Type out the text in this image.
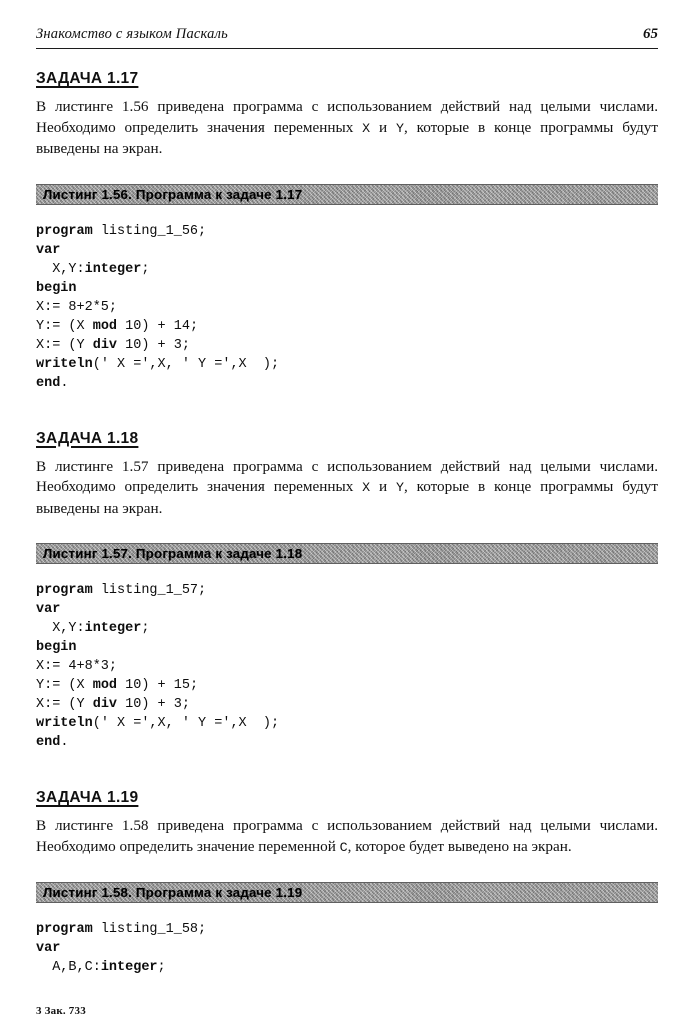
Знакомство с языком Паскаль	65
ЗАДАЧА 1.17

В листинге 1.56 приведена программа с использованием действий над целыми числами. Необходимо определить значения переменных X и Y, которые в конце программы будут выведены на экран.

Листинг 1.56. Программа к задаче 1.17
program listing_1_56;
var
X,Y:integer;
begin
X:= 8+2*5;
Y:= (X mod 10) + 14;
X:= (Y div 10) + 3;
writeln(' X =',X, ' Y =',X  );
end.
ЗАДАЧА 1.18

В листинге 1.57 приведена программа с использованием действий над целыми числами. Необходимо определить значения переменных X и Y, которые в конце программы будут выведены на экран.

Листинг 1.57. Программа к задаче 1.18
program listing_1_57;
var
X,Y:integer;
begin
X:= 4+8*3;
Y:= (X mod 10) + 15;
X:= (Y div 10) + 3;
writeln(' X =',X, ' Y =',X  );
end.
ЗАДАЧА 1.19

В листинге 1.58 приведена программа с использованием действий над целыми числами. Необходимо определить значение переменной C, которое будет выведено на экран.

Листинг 1.58. Программа к задаче 1.19
program listing_1_58;
var
A,B,C:integer;
3 Зак. 733
